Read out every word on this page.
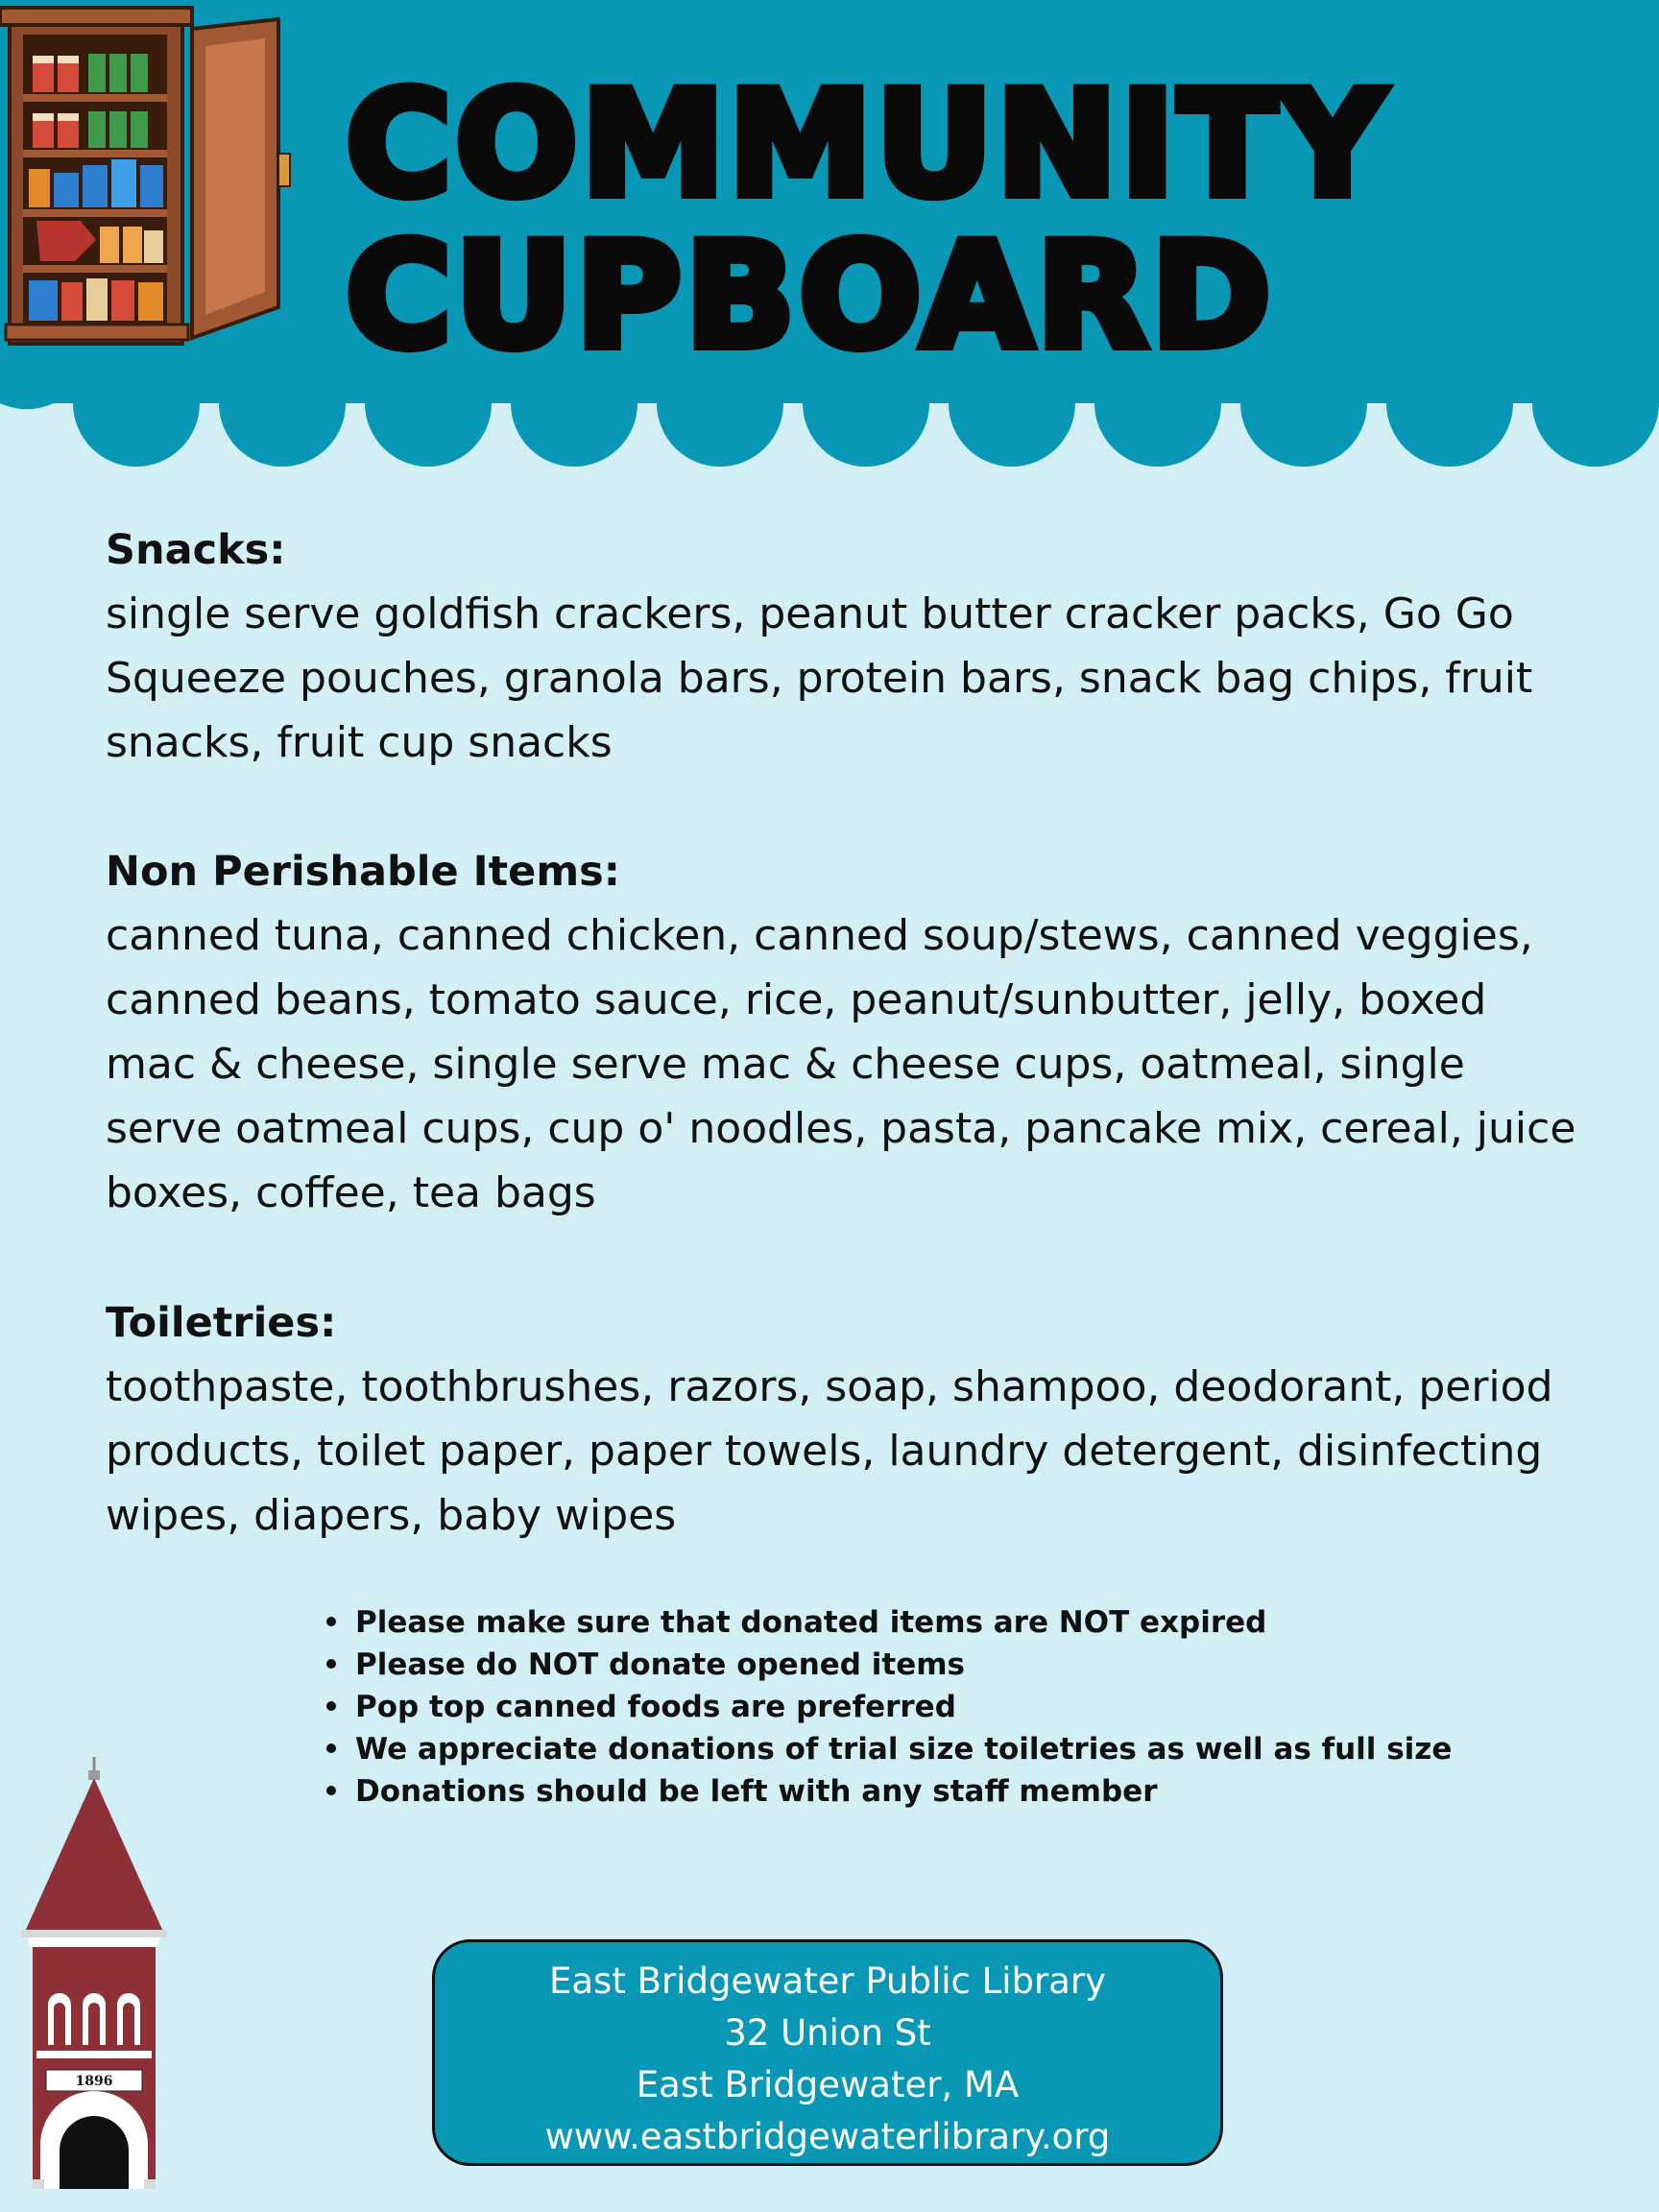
COMMUNITY
CUPBOARD
Snacks:

single serve goldfish crackers, peanut butter cracker packs, Go Go Squeeze pouches, granola bars, protein bars, snack bag chips, fruit snacks, fruit cup snacks

Non Perishable Items:

canned tuna, canned chicken, canned soup/stews, canned veggies, canned beans, tomato sauce, rice, peanut/sunbutter, jelly, boxed mac & cheese, single serve mac & cheese cups, oatmeal, single serve oatmeal cups, cup o' noodles, pasta, pancake mix, cereal, juice boxes, coffee, tea bags

Toiletries:

toothpaste, toothbrushes, razors, soap, shampoo, deodorant, period products, toilet paper, paper towels, laundry detergent, disinfecting wipes, diapers, baby wipes

Please make sure that donated items are NOT expired
Please do NOT donate opened items
Pop top canned foods are preferred
We appreciate donations of trial size toiletries as well as full size
Donations should be left with any staff member
1896
East Bridgewater Public Library
32 Union St
East Bridgewater, MA
www.eastbridgewaterlibrary.org
